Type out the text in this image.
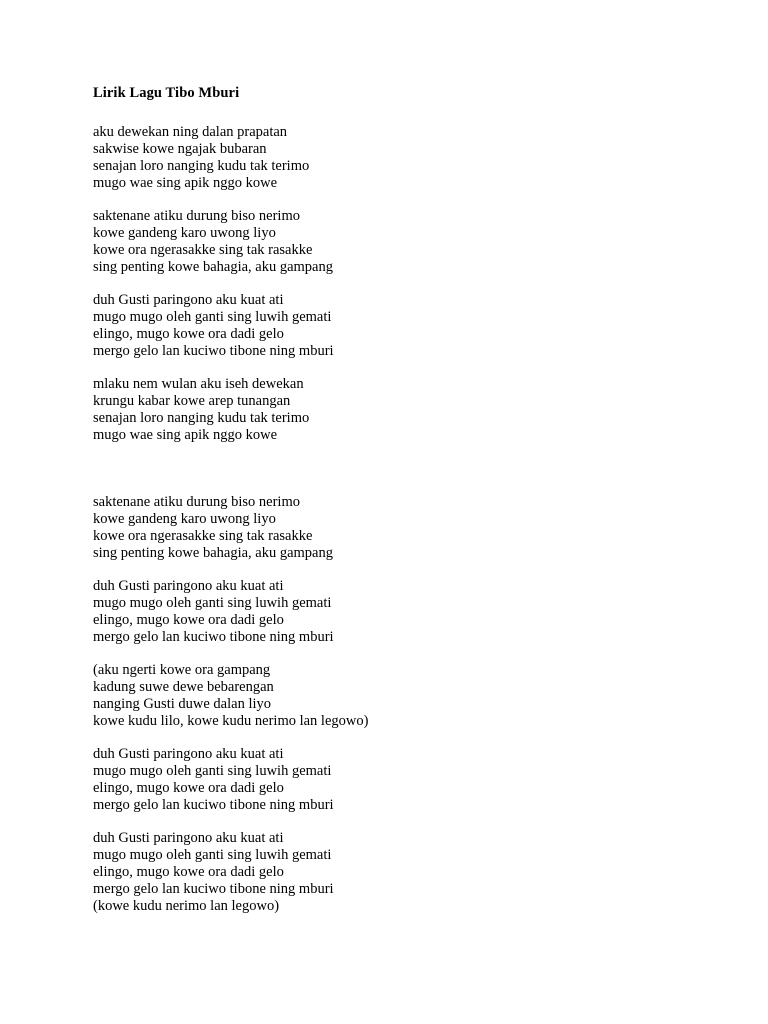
Lirik Lagu Tibo Mburi
aku dewekan ning dalan prapatan
sakwise kowe ngajak bubaran
senajan loro nanging kudu tak terimo
mugo wae sing apik nggo kowe
saktenane atiku durung biso nerimo
kowe gandeng karo uwong liyo
kowe ora ngerasakke sing tak rasakke
sing penting kowe bahagia, aku gampang
duh Gusti paringono aku kuat ati
mugo mugo oleh ganti sing luwih gemati
elingo, mugo kowe ora dadi gelo
mergo gelo lan kuciwo tibone ning mburi
mlaku nem wulan aku iseh dewekan
krungu kabar kowe arep tunangan
senajan loro nanging kudu tak terimo
mugo wae sing apik nggo kowe
saktenane atiku durung biso nerimo
kowe gandeng karo uwong liyo
kowe ora ngerasakke sing tak rasakke
sing penting kowe bahagia, aku gampang
duh Gusti paringono aku kuat ati
mugo mugo oleh ganti sing luwih gemati
elingo, mugo kowe ora dadi gelo
mergo gelo lan kuciwo tibone ning mburi
(aku ngerti kowe ora gampang
kadung suwe dewe bebarengan
nanging Gusti duwe dalan liyo
kowe kudu lilo, kowe kudu nerimo lan legowo)
duh Gusti paringono aku kuat ati
mugo mugo oleh ganti sing luwih gemati
elingo, mugo kowe ora dadi gelo
mergo gelo lan kuciwo tibone ning mburi
duh Gusti paringono aku kuat ati
mugo mugo oleh ganti sing luwih gemati
elingo, mugo kowe ora dadi gelo
mergo gelo lan kuciwo tibone ning mburi
(kowe kudu nerimo lan legowo)
